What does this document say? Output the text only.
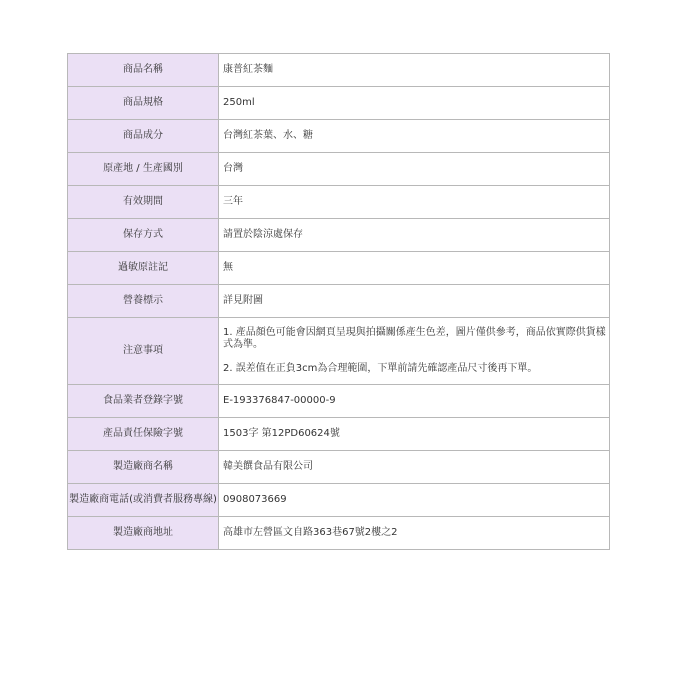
商品名稱	康普紅茶麵
商品規格	250ml
商品成分	台灣紅茶葉、水、糖
原產地 / 生產國別	台灣
有效期間	三年
保存方式	請置於陰涼處保存
過敏原註記	無
營養標示	詳見附圖
注意事項	1. 產品顏色可能會因網頁呈現與拍攝關係產生色差，圖片僅供參考，商品依實際供貨樣式為準。
2. 誤差值在正負3cm為合理範圍，下單前請先確認產品尺寸後再下單。

食品業者登錄字號	E-193376847-00000-9
產品責任保險字號	1503字 第12PD60624號
製造廠商名稱	韓美饌食品有限公司
製造廠商電話(或消費者服務專線)	0908073669
製造廠商地址	高雄市左營區文自路363巷67號2樓之2
